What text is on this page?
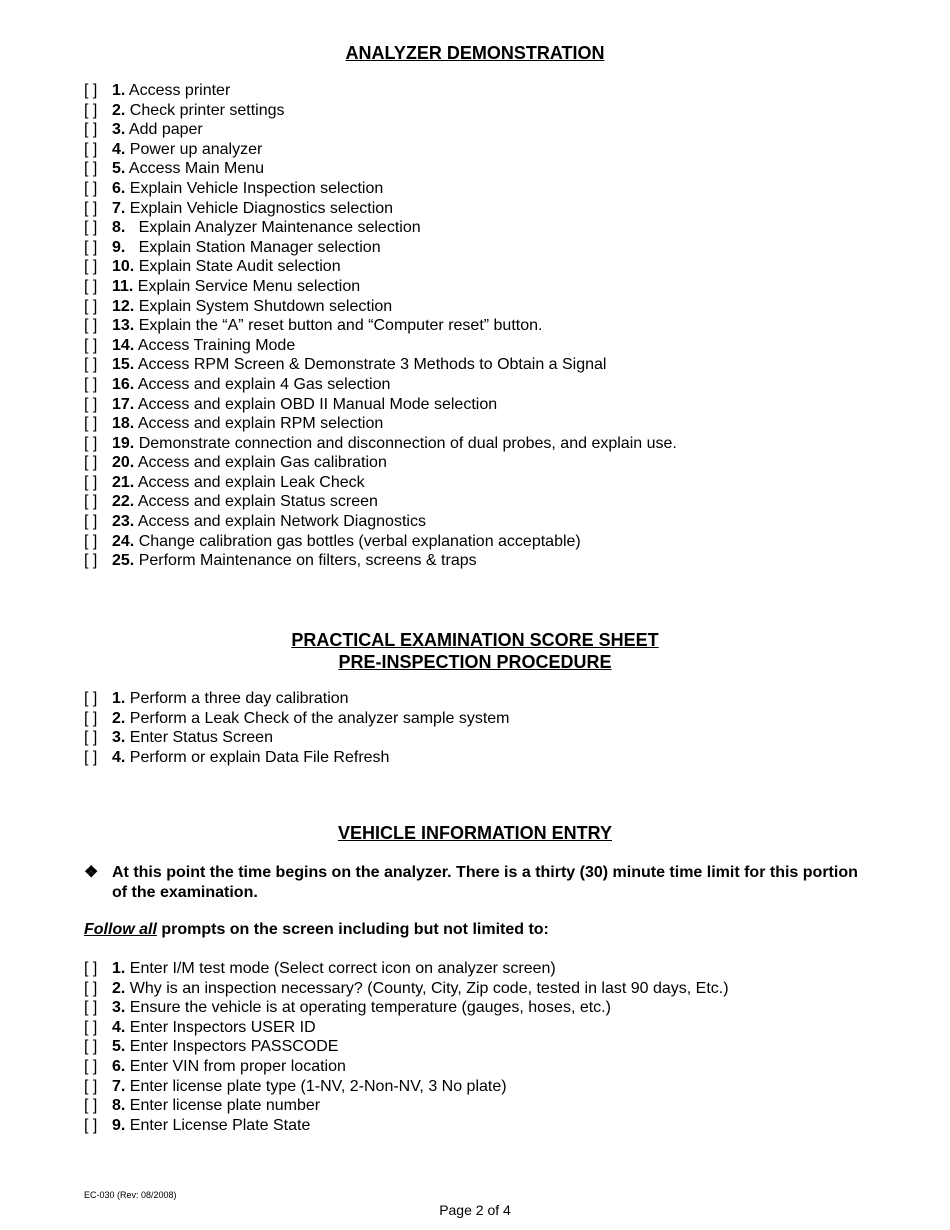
ANALYZER DEMONSTRATION
[ ] 1. Access printer
[ ] 2. Check printer settings
[ ] 3. Add paper
[ ] 4. Power up analyzer
[ ] 5. Access Main Menu
[ ] 6. Explain Vehicle Inspection selection
[ ] 7. Explain Vehicle Diagnostics selection
[ ] 8.   Explain Analyzer Maintenance selection
[ ] 9.   Explain Station Manager selection
[ ] 10. Explain State Audit selection
[ ] 11. Explain Service Menu selection
[ ] 12. Explain System Shutdown selection
[ ] 13. Explain the “A” reset button and “Computer reset” button.
[ ] 14. Access Training Mode
[ ] 15. Access RPM Screen & Demonstrate 3 Methods to Obtain a Signal
[ ] 16. Access and explain 4 Gas selection
[ ] 17. Access and explain OBD II Manual Mode selection
[ ] 18. Access and explain RPM selection
[ ] 19. Demonstrate connection and disconnection of dual probes, and explain use.
[ ] 20. Access and explain Gas calibration
[ ] 21. Access and explain Leak Check
[ ] 22. Access and explain Status screen
[ ] 23. Access and explain Network Diagnostics
[ ] 24. Change calibration gas bottles (verbal explanation acceptable)
[ ] 25. Perform Maintenance on filters, screens & traps
PRACTICAL EXAMINATION SCORE SHEET
PRE-INSPECTION PROCEDURE
[ ] 1. Perform a three day calibration
[ ] 2. Perform a Leak Check of the analyzer sample system
[ ] 3. Enter Status Screen
[ ] 4. Perform or explain Data File Refresh
VEHICLE INFORMATION ENTRY
❖ At this point the time begins on the analyzer. There is a thirty (30) minute time limit for this portion of the examination.
Follow all prompts on the screen including but not limited to:
[ ] 1. Enter I/M test mode (Select correct icon on analyzer screen)
[ ] 2. Why is an inspection necessary? (County, City, Zip code, tested in last 90 days, Etc.)
[ ] 3. Ensure the vehicle is at operating temperature (gauges, hoses, etc.)
[ ] 4. Enter Inspectors USER ID
[ ] 5. Enter Inspectors PASSCODE
[ ] 6. Enter VIN from proper location
[ ] 7. Enter license plate type (1-NV, 2-Non-NV, 3 No plate)
[ ] 8. Enter license plate number
[ ] 9. Enter License Plate State
EC-030 (Rev: 08/2008)
Page 2 of 4
